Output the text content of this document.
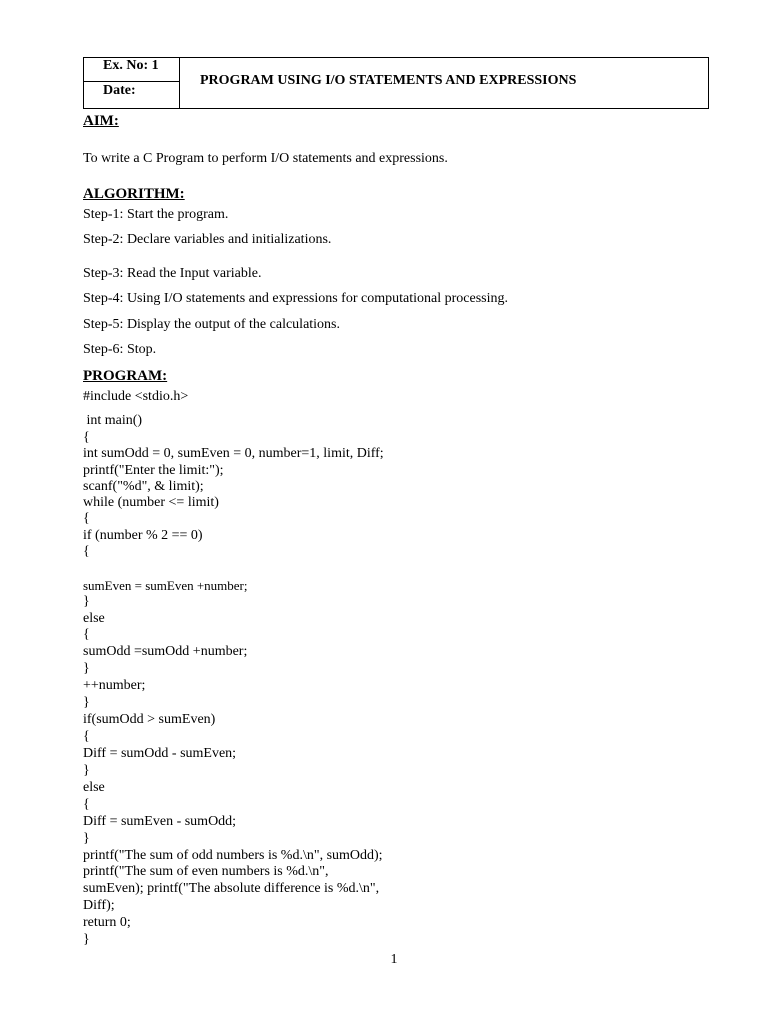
Ex. No: 1
Date:
PROGRAM USING I/O STATEMENTS AND EXPRESSIONS
AIM:
To write a C Program to perform I/O statements and expressions.
ALGORITHM:
Step-1: Start the program.
Step-2: Declare variables and initializations.
Step-3: Read the Input variable.
Step-4: Using I/O statements and expressions for computational processing.
Step-5: Display the output of the calculations.
Step-6: Stop.
PROGRAM:
#include <stdio.h>
int main()
{
int sumOdd = 0, sumEven = 0, number=1, limit, Diff;
printf("Enter the limit:");
scanf("%d", & limit);
while (number <= limit)
{
if (number % 2 == 0)
{
sumEven = sumEven +number;
}
else
{
sumOdd =sumOdd +number;
}
++number;
}
if(sumOdd > sumEven)
{
Diff = sumOdd - sumEven;
}
else
{
Diff = sumEven - sumOdd;
}
printf("The sum of odd numbers is %d.\n", sumOdd);
printf("The sum of even numbers is %d.\n",
sumEven); printf("The absolute difference is %d.\n",
Diff);
return 0;
}
1
